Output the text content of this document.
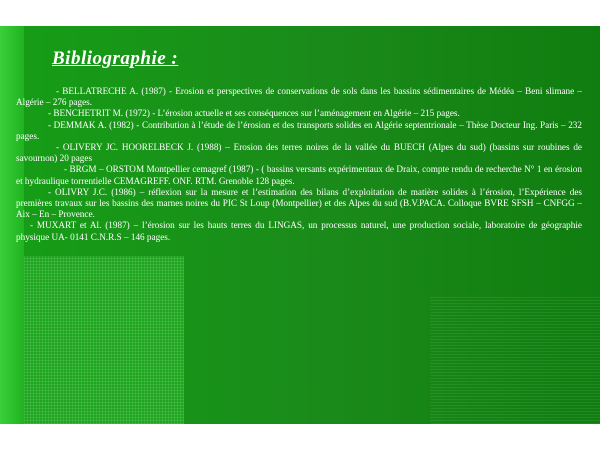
Bibliographie :
- BELLATRECHE A. (1987) - Erosion et perspectives de conservations de sols dans les bassins sédimentaires de Médéa – Beni slimane – Algérie – 276 pages.
- BENCHETRIT M. (1972) - L’érosion actuelle et ses conséquences sur l’aménagement en Algérie – 215 pages.
- DEMMAK A. (1982) - Contribution à l’étude de l’érosion et des transports solides en Algérie septentrionale – Thèse Docteur Ing. Paris – 232 pages.
- OLIVERY JC. HOORELBECK J. (1988) – Erosion des terres noires de la vallée du BUECH (Alpes du sud) (bassins sur roubines de savournon) 20 pages
- BRGM – ORSTOM Montpellier cemagref (1987) - ( bassins versants expérimentaux de Draix, compte rendu de recherche N° 1 en érosion et hydraulique torrentielle CEMAGREFF. ONF. RTM. Grenoble 128 pages.
- OLIVRY J.C. (1986) – réflexion sur la mesure et l’estimation des bilans d’exploitation de matière solides à l’érosion, l’Expérience des premières travaux sur les bassins des marnes noires du PIC St Loup (Montpellier) et des Alpes du sud (B.V.PACA. Colloque BVRE SFSH – CNFGG – Aix – En – Provence.
- MUXART et Al. (1987) – l’érosion sur les hauts terres du LINGAS, un processus naturel, une production sociale, laboratoire de géographie physique UA- 0141 C.N.R.S – 146 pages.
